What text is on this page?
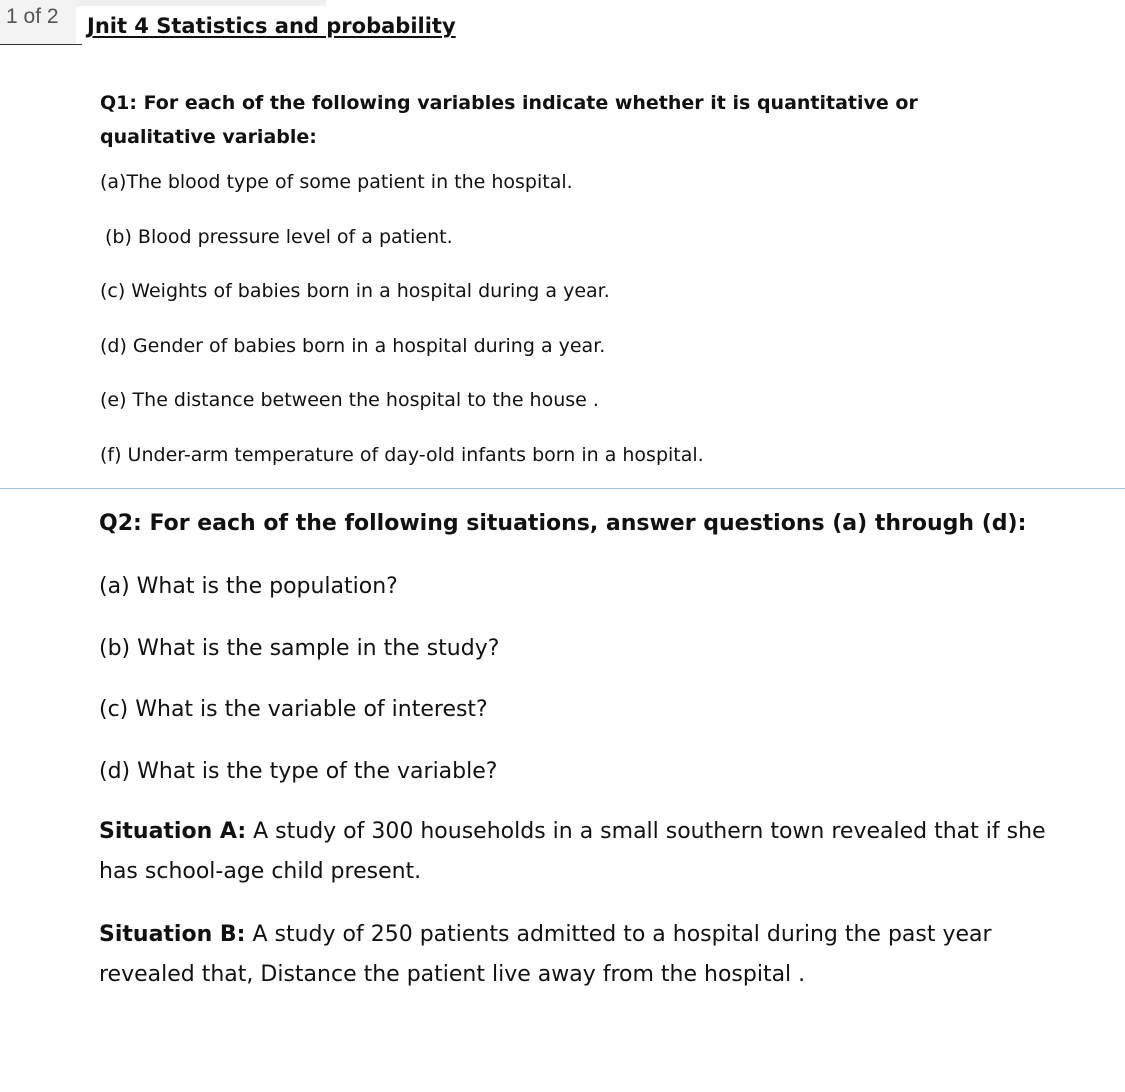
1 of 2	Jnit 4 Statistics and probability
Q1: For each of the following variables indicate whether it is quantitative or qualitative variable:
(a)The blood type of some patient in the hospital.
(b) Blood pressure level of a patient.
(c) Weights of babies born in a hospital during a year.
(d) Gender of babies born in a hospital during a year.
(e) The distance between the hospital to the house .
(f) Under-arm temperature of day-old infants born in a hospital.
Q2: For each of the following situations, answer questions (a) through (d):
(a) What is the population?
(b) What is the sample in the study?
(c) What is the variable of interest?
(d) What is the type of the variable?
Situation A: A study of 300 households in a small southern town revealed that if she has school-age child present.
Situation B: A study of 250 patients admitted to a hospital during the past year revealed that, Distance the patient live away from the hospital .
